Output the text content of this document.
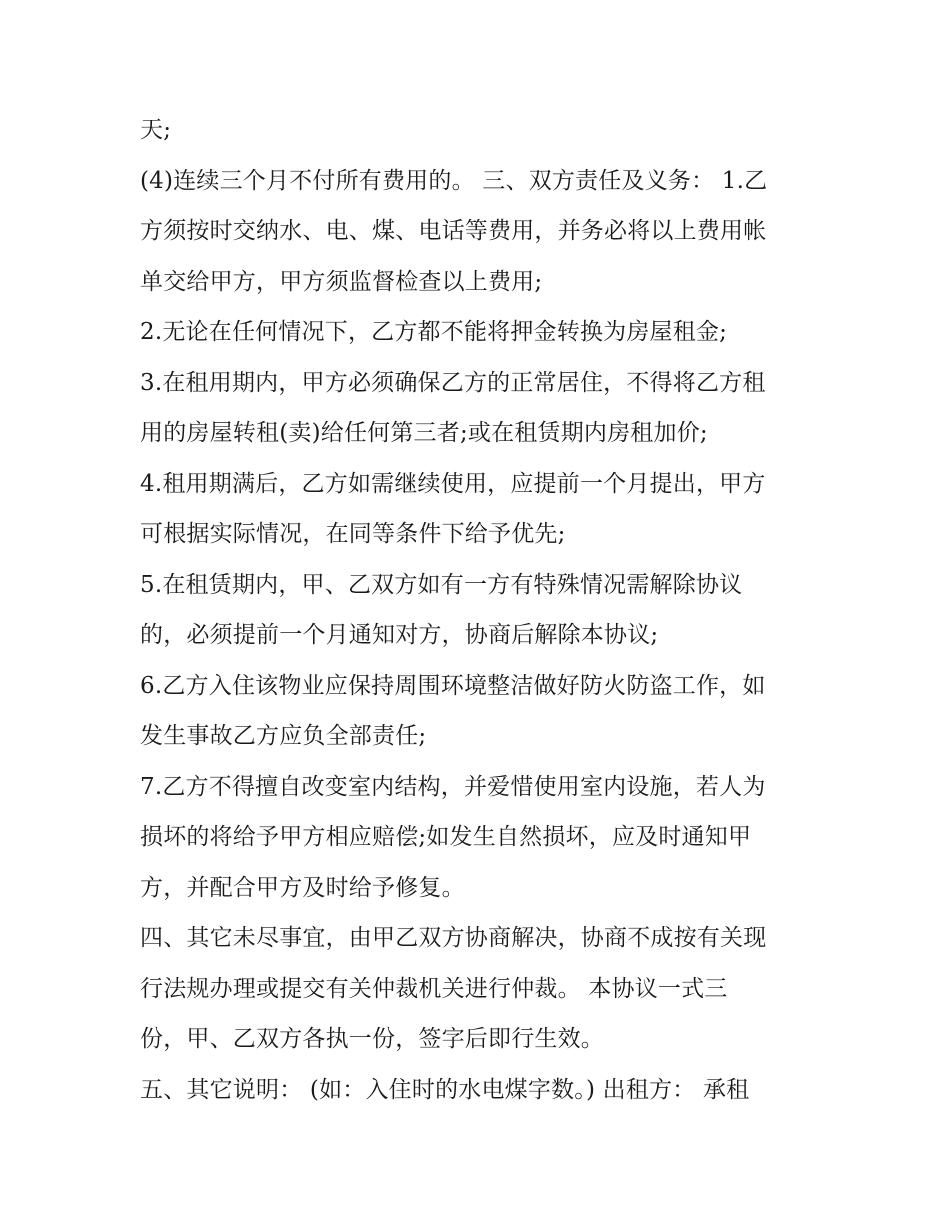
天;
(4)连续三个月不付所有费用的。 三、双方责任及义务： 1.乙
方须按时交纳水、电、煤、电话等费用，并务必将以上费用帐
单交给甲方，甲方须监督检查以上费用;
2.无论在任何情况下，乙方都不能将押金转换为房屋租金;
3.在租用期内，甲方必须确保乙方的正常居住，不得将乙方租
用的房屋转租(卖)给任何第三者;或在租赁期内房租加价;
4.租用期满后，乙方如需继续使用，应提前一个月提出，甲方
可根据实际情况，在同等条件下给予优先;
5.在租赁期内，甲、乙双方如有一方有特殊情况需解除协议
的，必须提前一个月通知对方，协商后解除本协议;
6.乙方入住该物业应保持周围环境整洁做好防火防盗工作，如
发生事故乙方应负全部责任;
7.乙方不得擅自改变室内结构，并爱惜使用室内设施，若人为
损坏的将给予甲方相应赔偿;如发生自然损坏，应及时通知甲
方，并配合甲方及时给予修复。
四、其它未尽事宜，由甲乙双方协商解决，协商不成按有关现
行法规办理或提交有关仲裁机关进行仲裁。 本协议一式三
份，甲、乙双方各执一份，签字后即行生效。
五、其它说明： (如：入住时的水电煤字数。) 出租方： 承租
